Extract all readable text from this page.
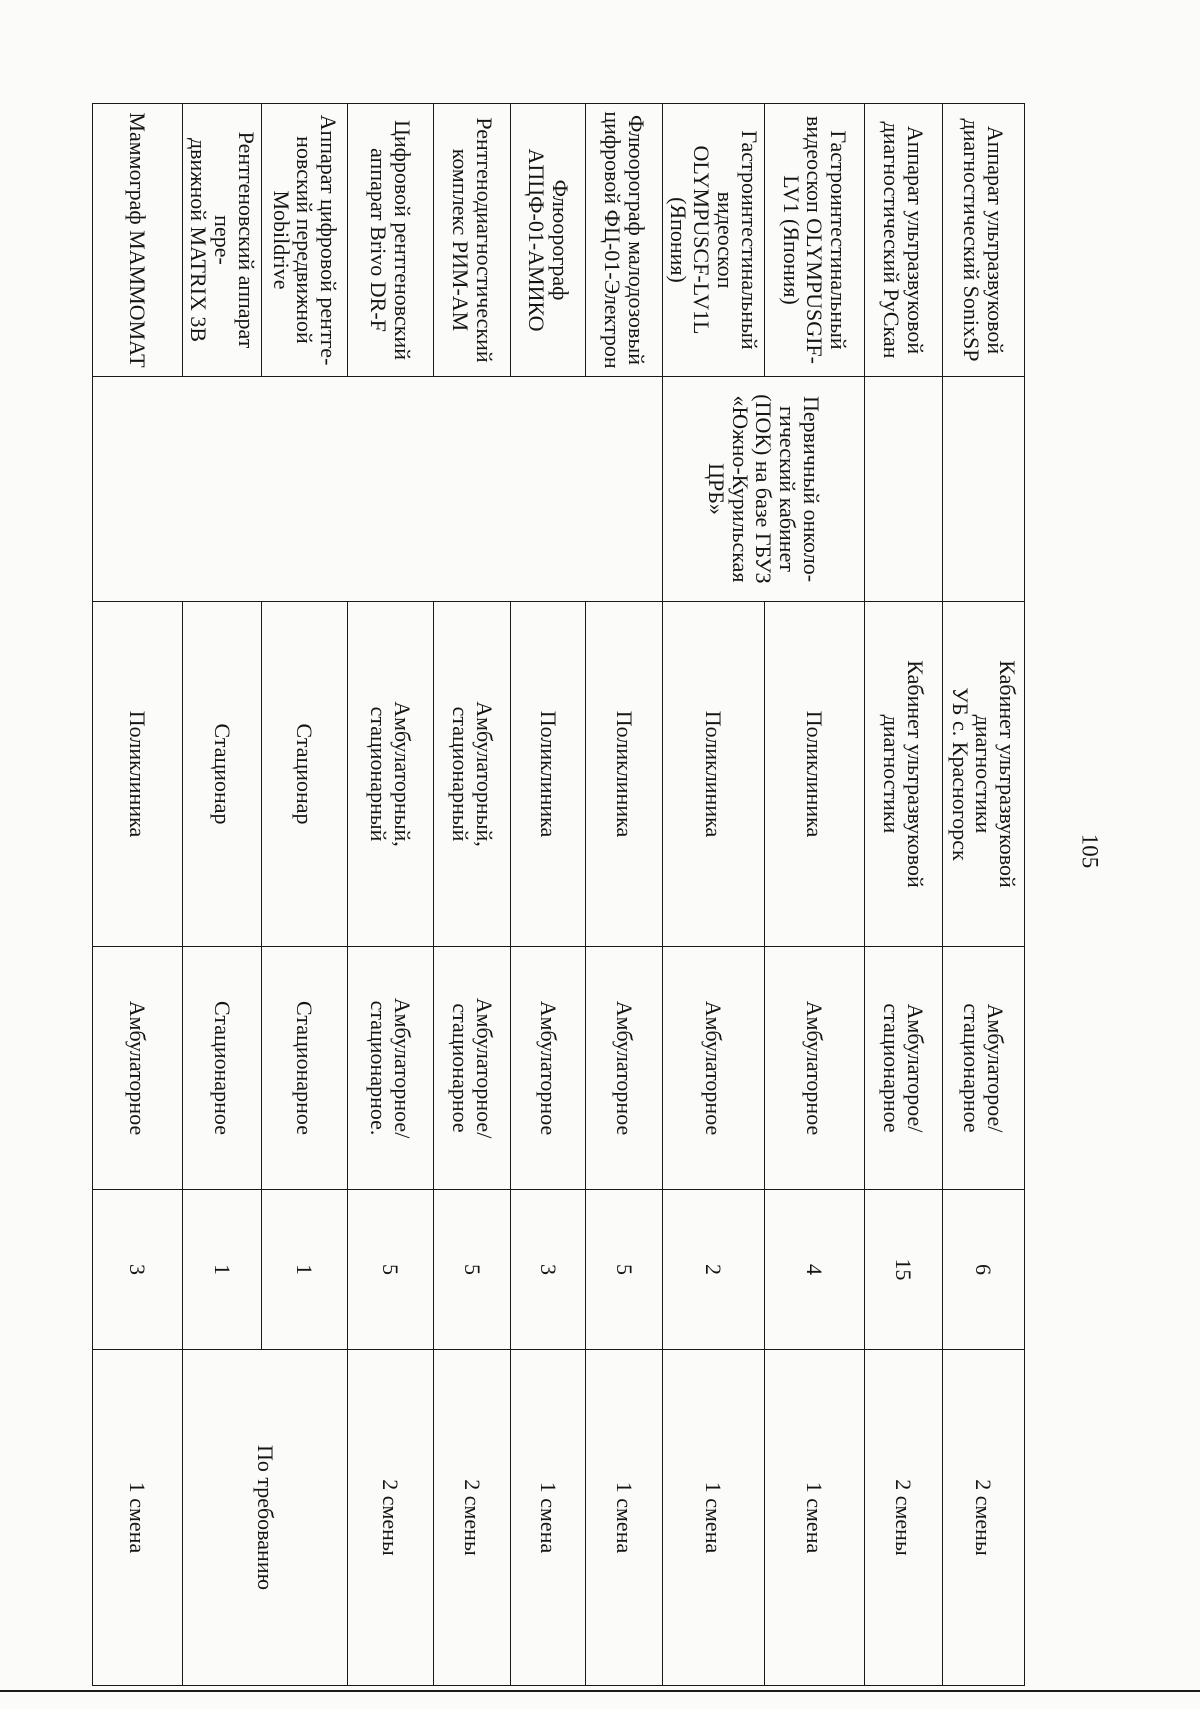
105
Аппарат ультразвуковой
диагностический SonixSP		Кабинет ультразвуковой
диагностики
УБ с. Красногорск	Амбулаторое/
стационарное	6	2 смены
Аппарат ультразвуковой
диагностический РуСкан		Кабинет ультразвуковой
диагностики	Амбулаторое/
стационарное	15	2 смены
Гастроинтестинальный
видеоскоп OLYMPUSGIF-
LV1 (Япония)	Первичный онколо-
гический кабинет
(ПОК) на базе ГБУЗ
«Южно-Курильская
ЦРБ»	Поликлиника	Амбулаторное	4	1 смена
Гастроинтестинальный
видеоскоп
OLYMPUSCF-LV1L (Япония)		Поликлиника	Амбулаторное	2	1 смена
Флюорограф малодозовый
цифровой ФЦ-01-Электрон		Поликлиника	Амбулаторное	5	1 смена
Флюорограф
АПЦФ-01-АМИКО		Поликлиника	Амбулаторное	3	1 смена
Рентгенодиагностический
комплекс РИМ-АМ		Амбулаторный,
стационарный	Амбулаторное/
стационарное	5	2 смены
Цифровой рентгеновский
аппарат Brivo DR-F		Амбулаторный,
стационарный	Амбулаторное/
стационарное.	5	2 смены
Аппарат цифровой рентге-
новский передвижной
Mobildrive		Стационар	Стационарное	1	По требованию
Рентгеновский аппарат пере-
движной MATRIX 3B		Стационар	Стационарное	1	
Маммограф МАММОМАТ		Поликлиника	Амбулаторное	3	1 смена
